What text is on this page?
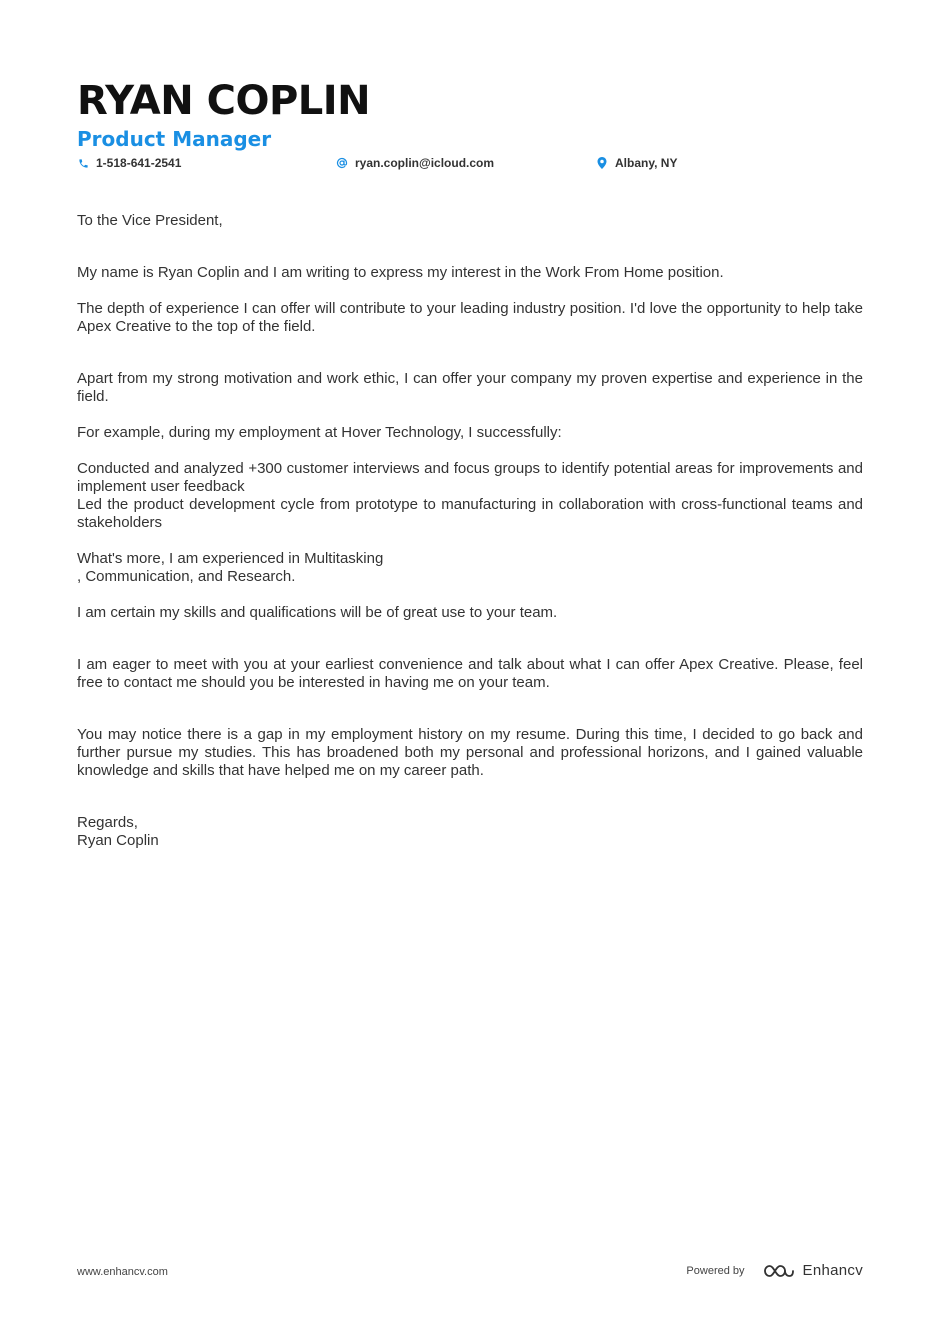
RYAN COPLIN
Product Manager
1-518-641-2541	ryan.coplin@icloud.com	Albany, NY

To the Vice President,

My name is Ryan Coplin and I am writing to express my interest in the Work From Home position.

The depth of experience I can offer will contribute to your leading industry position. I'd love the opportunity to help take Apex Creative to the top of the field.

Apart from my strong motivation and work ethic, I can offer your company my proven expertise and experience in the field.

For example, during my employment at Hover Technology, I successfully:

Conducted and analyzed +300 customer interviews and focus groups to identify potential areas for improvements and implement user feedback

Led the product development cycle from prototype to manufacturing in collaboration with cross-functional teams and stakeholders

What's more, I am experienced in Multitasking

, Communication, and Research.

I am certain my skills and qualifications will be of great use to your team.

I am eager to meet with you at your earliest convenience and talk about what I can offer Apex Creative. Please, feel free to contact me should you be interested in having me on your team.

You may notice there is a gap in my employment history on my resume. During this time, I decided to go back and further pursue my studies. This has broadened both my personal and professional horizons, and I gained valuable knowledge and skills that have helped me on my career path.

Regards,

Ryan Coplin

www.enhancv.com	Powered by	Enhancv
